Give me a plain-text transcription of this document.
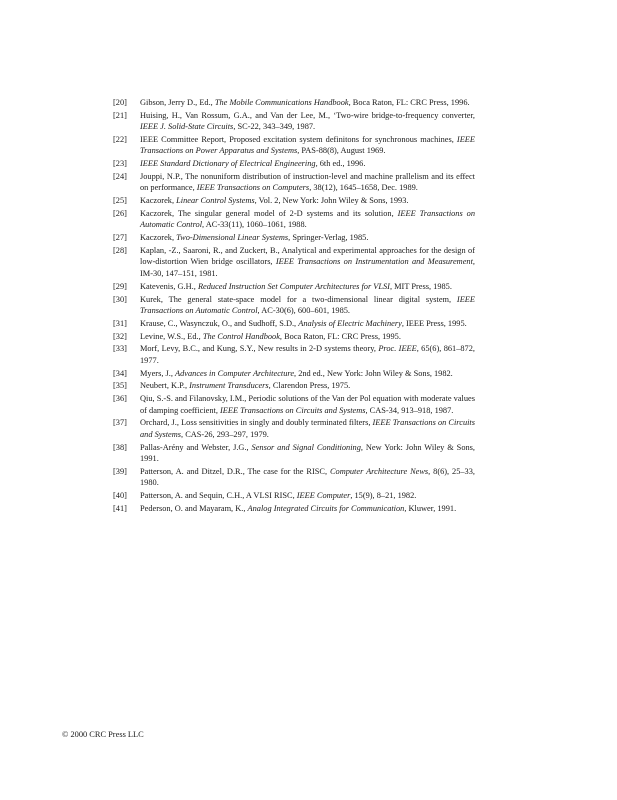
[20]	Gibson, Jerry D., Ed., The Mobile Communications Handbook, Boca Raton, FL: CRC Press, 1996.
[21]	Huising, H., Van Rossum, G.A., and Van der Lee, M., ‘Two-wire bridge-to-frequency converter, IEEE J. Solid-State Circuits, SC-22, 343–349, 1987.
[22]	IEEE Committee Report, Proposed excitation system definitons for synchronous machines, IEEE Transactions on Power Apparatus and Systems, PAS-88(8), August 1969.
[23]	IEEE Standard Dictionary of Electrical Engineering, 6th ed., 1996.
[24]	Jouppi, N.P., The nonuniform distribution of instruction-level and machine prallelism and its effect on performance, IEEE Transactions on Computers, 38(12), 1645–1658, Dec. 1989.
[25]	Kaczorek, Linear Control Systems, Vol. 2, New York: John Wiley & Sons, 1993.
[26]	Kaczorek, The singular general model of 2-D systems and its solution, IEEE Transactions on Automatic Control, AC-33(11), 1060–1061, 1988.
[27]	Kaczorek, Two-Dimensional Linear Systems, Springer-Verlag, 1985.
[28]	Kaplan, -Z., Saaroni, R., and Zuckert, B., Analytical and experimental approaches for the design of low-distortion Wien bridge oscillators, IEEE Transactions on Instrumentation and Measurement, IM-30, 147–151, 1981.
[29]	Katevenis, G.H., Reduced Instruction Set Computer Architectures for VLSI, MIT Press, 1985.
[30]	Kurek, The general state-space model for a two-dimensional linear digital system, IEEE Transactions on Automatic Control, AC-30(6), 600–601, 1985.
[31]	Krause, C., Wasynczuk, O., and Sudhoff, S.D., Analysis of Electric Machinery, IEEE Press, 1995.
[32]	Levine, W.S., Ed., The Control Handbook, Boca Raton, FL: CRC Press, 1995.
[33]	Morf, Levy, B.C., and Kung, S.Y., New results in 2-D systems theory, Proc. IEEE, 65(6), 861–872, 1977.
[34]	Myers, J., Advances in Computer Architecture, 2nd ed., New York: John Wiley & Sons, 1982.
[35]	Neubert, K.P., Instrument Transducers, Clarendon Press, 1975.
[36]	Qiu, S.-S. and Filanovsky, I.M., Periodic solutions of the Van der Pol equation with moderate values of damping coefficient, IEEE Transactions on Circuits and Systems, CAS-34, 913–918, 1987.
[37]	Orchard, J., Loss sensitivities in singly and doubly terminated filters, IEEE Transactions on Circuits and Systems, CAS-26, 293–297, 1979.
[38]	Pallas-Arény and Webster, J.G., Sensor and Signal Conditioning, New York: John Wiley & Sons, 1991.
[39]	Patterson, A. and Ditzel, D.R., The case for the RISC, Computer Architecture News, 8(6), 25–33, 1980.
[40]	Patterson, A. and Sequin, C.H., A VLSI RISC, IEEE Computer, 15(9), 8–21, 1982.
[41]	Pederson, O. and Mayaram, K., Analog Integrated Circuits for Communication, Kluwer, 1991.
© 2000 CRC Press LLC
